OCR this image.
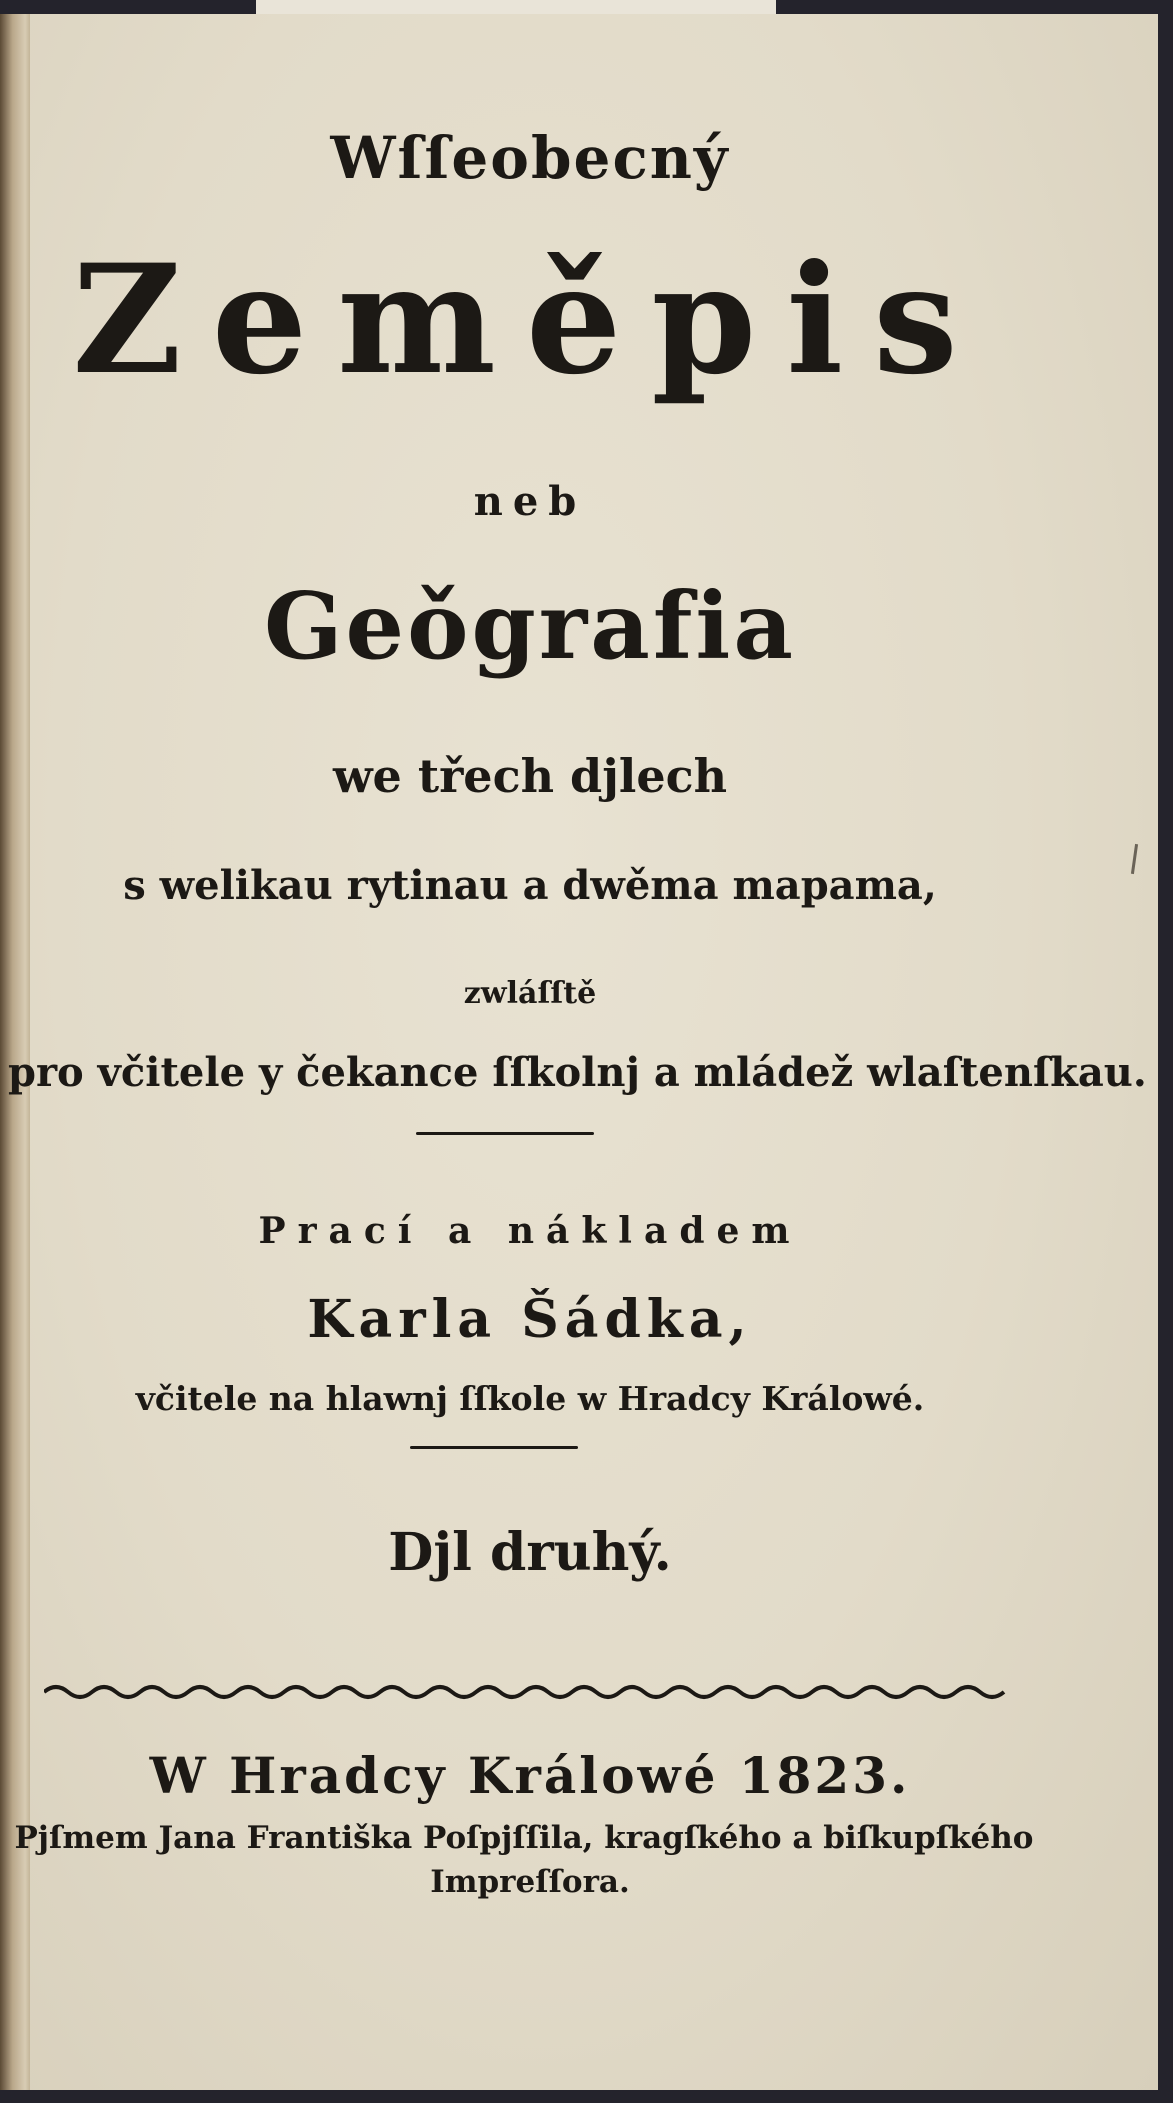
Wſſeobecný
Zeměpis
neb
Geǒgrafia
we třech djlech
s welikau rytinau a dwěma mapama,
zwláſſtě
pro včitele y čekance ſſkolnj a mládež wlaſtenſkau.
Prací a nákladem
Karla Šádka,
včitele na hlawnj ſſkole w Hradcy Králowé.
Djl druhý.
W Hradcy Králowé 1823.
Pjſmem Jana Františka Poſpjſſila, kragſkého a biſkupſkého
Impreſſora.
